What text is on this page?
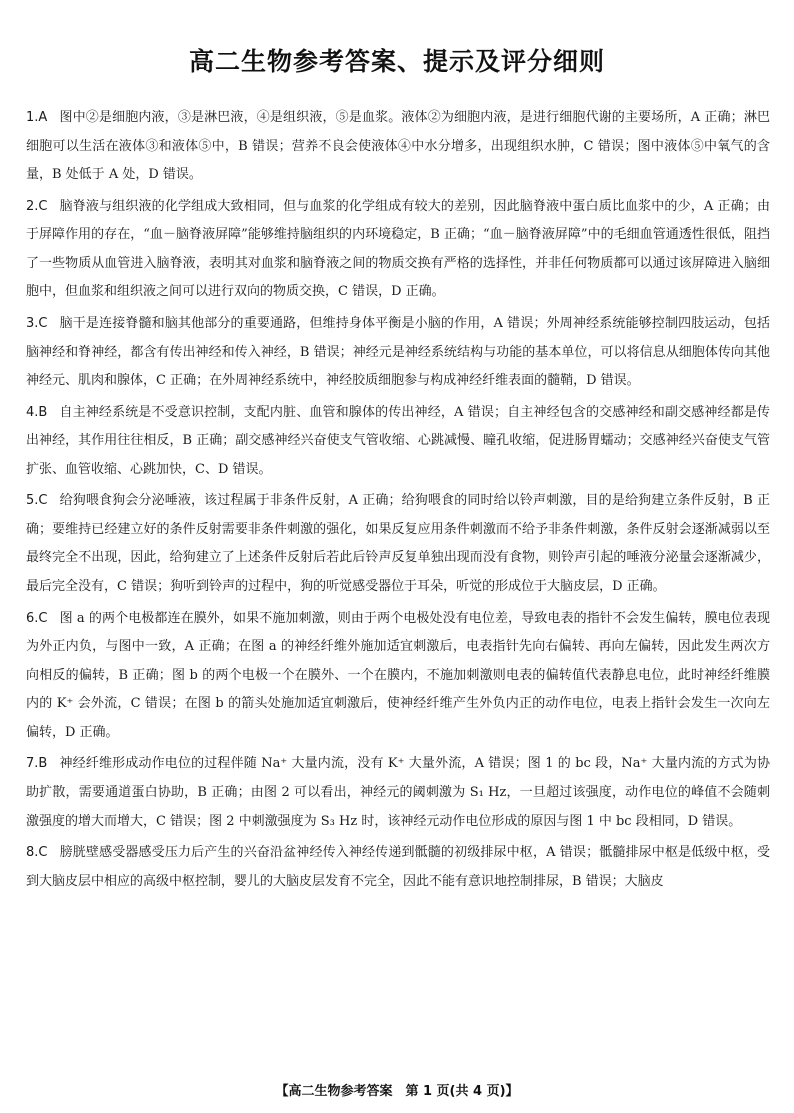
高二生物参考答案、提示及评分细则

1.A 图中②是细胞内液，③是淋巴液，④是组织液，⑤是血浆。液体②为细胞内液，是进行细胞代谢的主要场所，A 正确；淋巴细胞可以生活在液体③和液体⑤中，B 错误；营养不良会使液体④中水分增多，出现组织水肿，C 错误；图中液体⑤中氧气的含量，B 处低于 A 处，D 错误。

2.C 脑脊液与组织液的化学组成大致相同，但与血浆的化学组成有较大的差别，因此脑脊液中蛋白质比血浆中的少，A 正确；由于屏障作用的存在，“血－脑脊液屏障”能够维持脑组织的内环境稳定，B 正确；“血－脑脊液屏障”中的毛细血管通透性很低，阻挡了一些物质从血管进入脑脊液，表明其对血浆和脑脊液之间的物质交换有严格的选择性，并非任何物质都可以通过该屏障进入脑细胞中，但血浆和组织液之间可以进行双向的物质交换，C 错误，D 正确。

3.C 脑干是连接脊髓和脑其他部分的重要通路，但维持身体平衡是小脑的作用，A 错误；外周神经系统能够控制四肢运动，包括脑神经和脊神经，都含有传出神经和传入神经，B 错误；神经元是神经系统结构与功能的基本单位，可以将信息从细胞体传向其他神经元、肌肉和腺体，C 正确；在外周神经系统中，神经胶质细胞参与构成神经纤维表面的髓鞘，D 错误。

4.B 自主神经系统是不受意识控制，支配内脏、血管和腺体的传出神经，A 错误；自主神经包含的交感神经和副交感神经都是传出神经，其作用往往相反，B 正确；副交感神经兴奋使支气管收缩、心跳减慢、瞳孔收缩，促进肠胃蠕动；交感神经兴奋使支气管扩张、血管收缩、心跳加快，C、D 错误。

5.C 给狗喂食狗会分泌唾液，该过程属于非条件反射，A 正确；给狗喂食的同时给以铃声刺激，目的是给狗建立条件反射，B 正确；要维持已经建立好的条件反射需要非条件刺激的强化，如果反复应用条件刺激而不给予非条件刺激，条件反射会逐渐减弱以至最终完全不出现，因此，给狗建立了上述条件反射后若此后铃声反复单独出现而没有食物，则铃声引起的唾液分泌量会逐渐减少，最后完全没有，C 错误；狗听到铃声的过程中，狗的听觉感受器位于耳朵，听觉的形成位于大脑皮层，D 正确。

6.C 图 a 的两个电极都连在膜外，如果不施加刺激，则由于两个电极处没有电位差，导致电表的指针不会发生偏转，膜电位表现为外正内负，与图中一致，A 正确；在图 a 的神经纤维外施加适宜刺激后，电表指针先向右偏转、再向左偏转，因此发生两次方向相反的偏转，B 正确；图 b 的两个电极一个在膜外、一个在膜内，不施加刺激则电表的偏转值代表静息电位，此时神经纤维膜内的 K⁺ 会外流，C 错误；在图 b 的箭头处施加适宜刺激后，使神经纤维产生外负内正的动作电位，电表上指针会发生一次向左偏转，D 正确。

7.B 神经纤维形成动作电位的过程伴随 Na⁺ 大量内流，没有 K⁺ 大量外流，A 错误；图 1 的 bc 段，Na⁺ 大量内流的方式为协助扩散，需要通道蛋白协助，B 正确；由图 2 可以看出，神经元的阈刺激为 S₁ Hz，一旦超过该强度，动作电位的峰值不会随刺激强度的增大而增大，C 错误；图 2 中刺激强度为 S₃ Hz 时，该神经元动作电位形成的原因与图 1 中 bc 段相同，D 错误。

8.C 膀胱壁感受器感受压力后产生的兴奋沿盆神经传入神经传递到骶髓的初级排尿中枢，A 错误；骶髓排尿中枢是低级中枢，受到大脑皮层中相应的高级中枢控制，婴儿的大脑皮层发育不完全，因此不能有意识地控制排尿，B 错误；大脑皮

【高二生物参考答案　第 1 页(共 4 页)】
